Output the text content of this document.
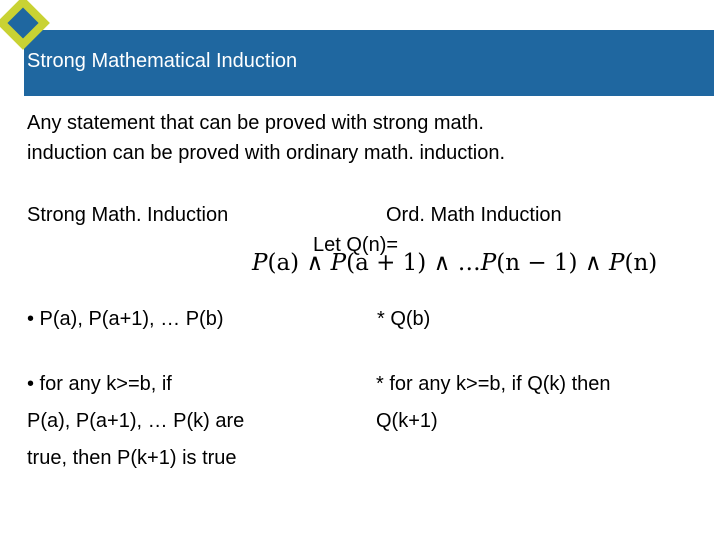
Strong Mathematical Induction
Any statement that can be proved with strong math.
induction can be proved with ordinary math. induction.
Strong Math. Induction	Ord. Math Induction
Let Q(n)=
P(a) ∧ P(a + 1) ∧ …P(n − 1) ∧ P(n)
• P(a), P(a+1), … P(b)	* Q(b)
• for any k>=b, if
P(a), P(a+1), … P(k) are
true, then P(k+1) is true
* for any k>=b, if Q(k) then
Q(k+1)
